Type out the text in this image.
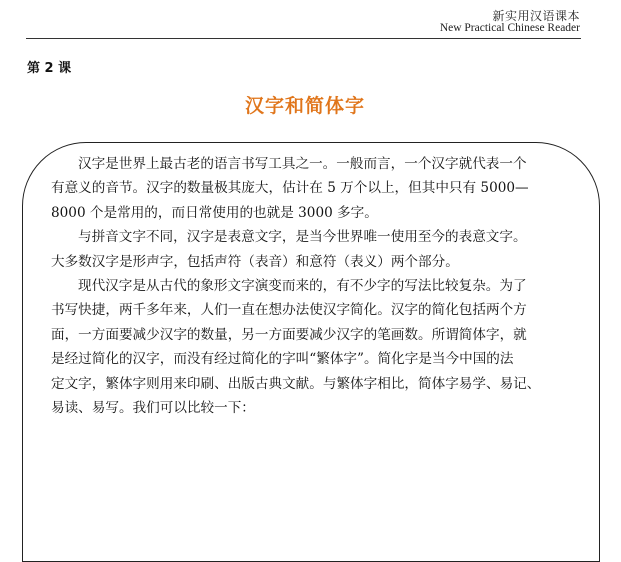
新实用汉语课本
New Practical Chinese Reader
第 2 课
汉字和简体字
汉字是世界上最古老的语言书写工具之一。一般而言，一个汉字就代表一个
有意义的音节。汉字的数量极其庞大，估计在 5 万个以上，但其中只有 5000—
8000 个是常用的，而日常使用的也就是 3000 多字。
与拼音文字不同，汉字是表意文字，是当今世界唯一使用至今的表意文字。
大多数汉字是形声字，包括声符（表音）和意符（表义）两个部分。
现代汉字是从古代的象形文字演变而来的，有不少字的写法比较复杂。为了
书写快捷，两千多年来，人们一直在想办法使汉字简化。汉字的简化包括两个方
面，一方面要减少汉字的数量，另一方面要减少汉字的笔画数。所谓简体字，就
是经过简化的汉字，而没有经过简化的字叫“繁体字”。简化字是当今中国的法
定文字，繁体字则用来印刷、出版古典文献。与繁体字相比，简体字易学、易记、
易读、易写。我们可以比较一下：
